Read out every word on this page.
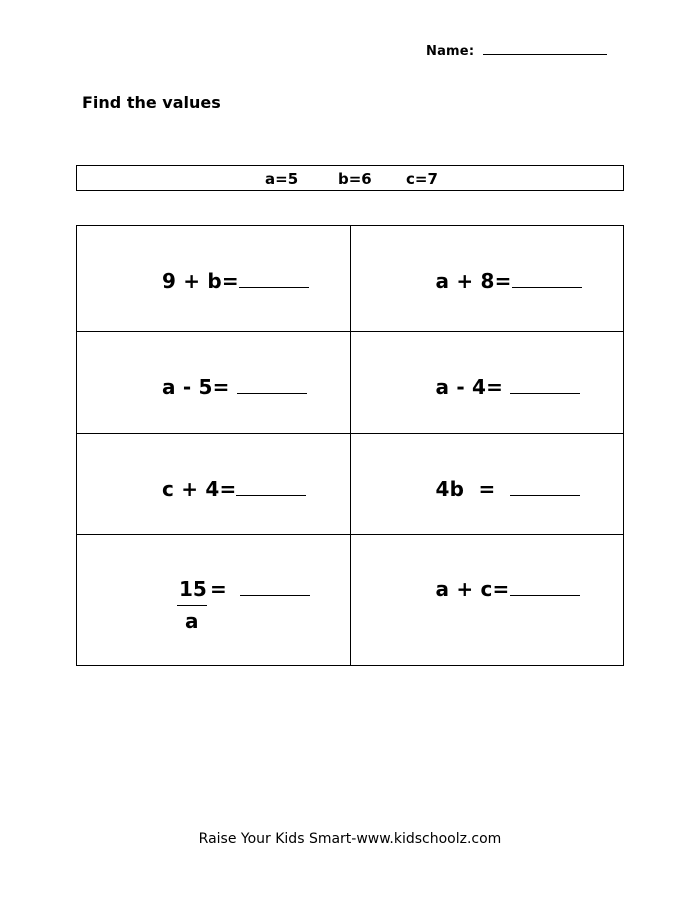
Name:
Find the values
a=5	b=6 c=7
9 + b=	a + 8=

a - 5=	a - 4=

c + 4=	4b  =

15
a
=	a + c=
Raise Your Kids Smart-www.kidschoolz.com
